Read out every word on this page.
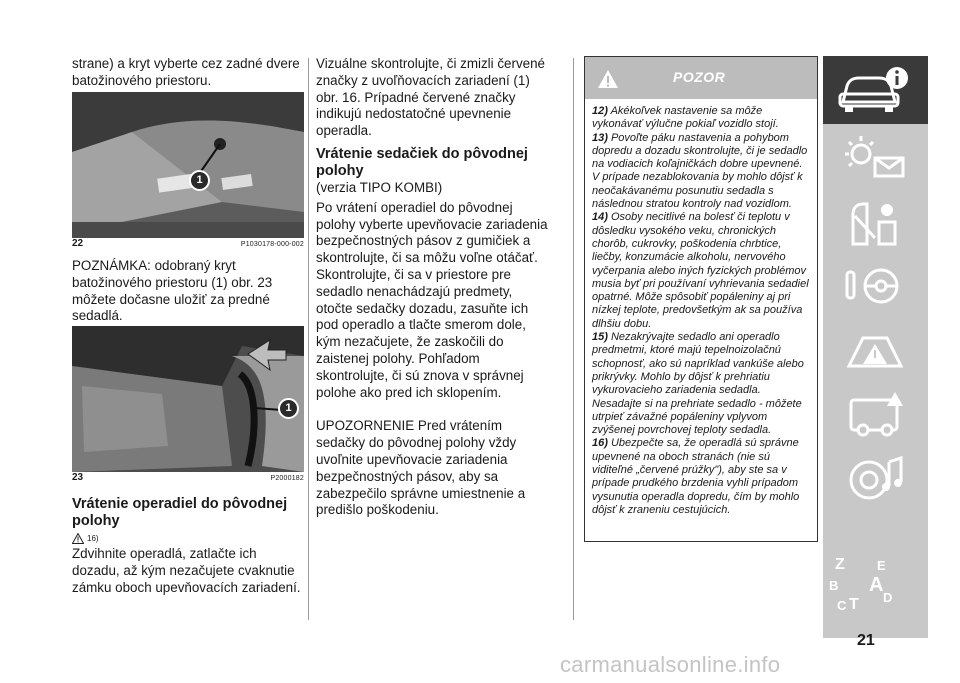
strane) a kryt vyberte cez zadné dvere batožinového priestoru.

1
22	P1030178-000-002

POZNÁMKA: odobraný kryt batožinového priestoru (1) obr. 23 môžete dočasne uložiť za predné sedadlá.

1
23	P2000182
Vrátenie operadiel do pôvodnej polohy
16)

Zdvihnite operadlá, zatlačte ich dozadu, až kým nezačujete cvaknutie zámku oboch upevňovacích zariadení.

Vizuálne skontrolujte, či zmizli červené značky z uvoľňovacích zariadení (1) obr. 16. Prípadné červené značky indikujú nedostatočné upevnenie operadla.

Vrátenie sedačiek do pôvodnej polohy

(verzia TIPO KOMBI)

Po vrátení operadiel do pôvodnej polohy vyberte upevňovacie zariadenia bezpečnostných pásov z gumičiek a skontrolujte, či sa môžu voľne otáčať. Skontrolujte, či sa v priestore pre sedadlo nenachádzajú predmety, otočte sedačky dozadu, zasuňte ich pod operadlo a tlačte smerom dole, kým nezačujete, že zaskočili do zaistenej polohy. Pohľadom skontrolujte, či sú znova v správnej polohe ako pred ich sklopením.

UPOZORNENIE Pred vrátením sedačky do pôvodnej polohy vždy uvoľnite upevňovacie zariadenia bezpečnostných pásov, aby sa zabezpečilo správne umiestnenie a predišlo poškodeniu.

POZOR

12) Akékoľvek nastavenie sa môže vykonávať výlučne pokiaľ vozidlo stojí.

13) Povoľte páku nastavenia a pohybom dopredu a dozadu skontrolujte, či je sedadlo na vodiacich koľajničkách dobre upevnené. V prípade nezablokovania by mohlo dôjsť k neočakávanému posunutiu sedadla s následnou stratou kontroly nad vozidlom.

14) Osoby necitlivé na bolesť či teplotu v dôsledku vysokého veku, chronických chorôb, cukrovky, poškodenia chrbtice, liečby, konzumácie alkoholu, nervového vyčerpania alebo iných fyzických problémov musia byť pri používaní vyhrievania sedadiel opatrné. Môže spôsobiť popáleniny aj pri nízkej teplote, predovšetkým ak sa používa dlhšiu dobu.

15) Nezakrývajte sedadlo ani operadlo predmetmi, ktoré majú tepelnoizolačnú schopnosť, ako sú napríklad vankúše alebo prikrývky. Mohlo by dôjsť k prehriatiu vykurovacieho zariadenia sedadla. Nesadajte si na prehriate sedadlo - môžete utrpieť závažné popáleniny vplyvom zvýšenej povrchovej teploty sedadla.

16) Ubezpečte sa, že operadlá sú správne upevnené na oboch stranách (nie sú viditeľné „červené prúžky"), aby ste sa v prípade prudkého brzdenia vyhli prípadom vysunutia operadla dopredu, čím by mohlo dôjsť k zraneniu cestujúcich.

Z E
B A
C T D
21
carmanualsonline.info
